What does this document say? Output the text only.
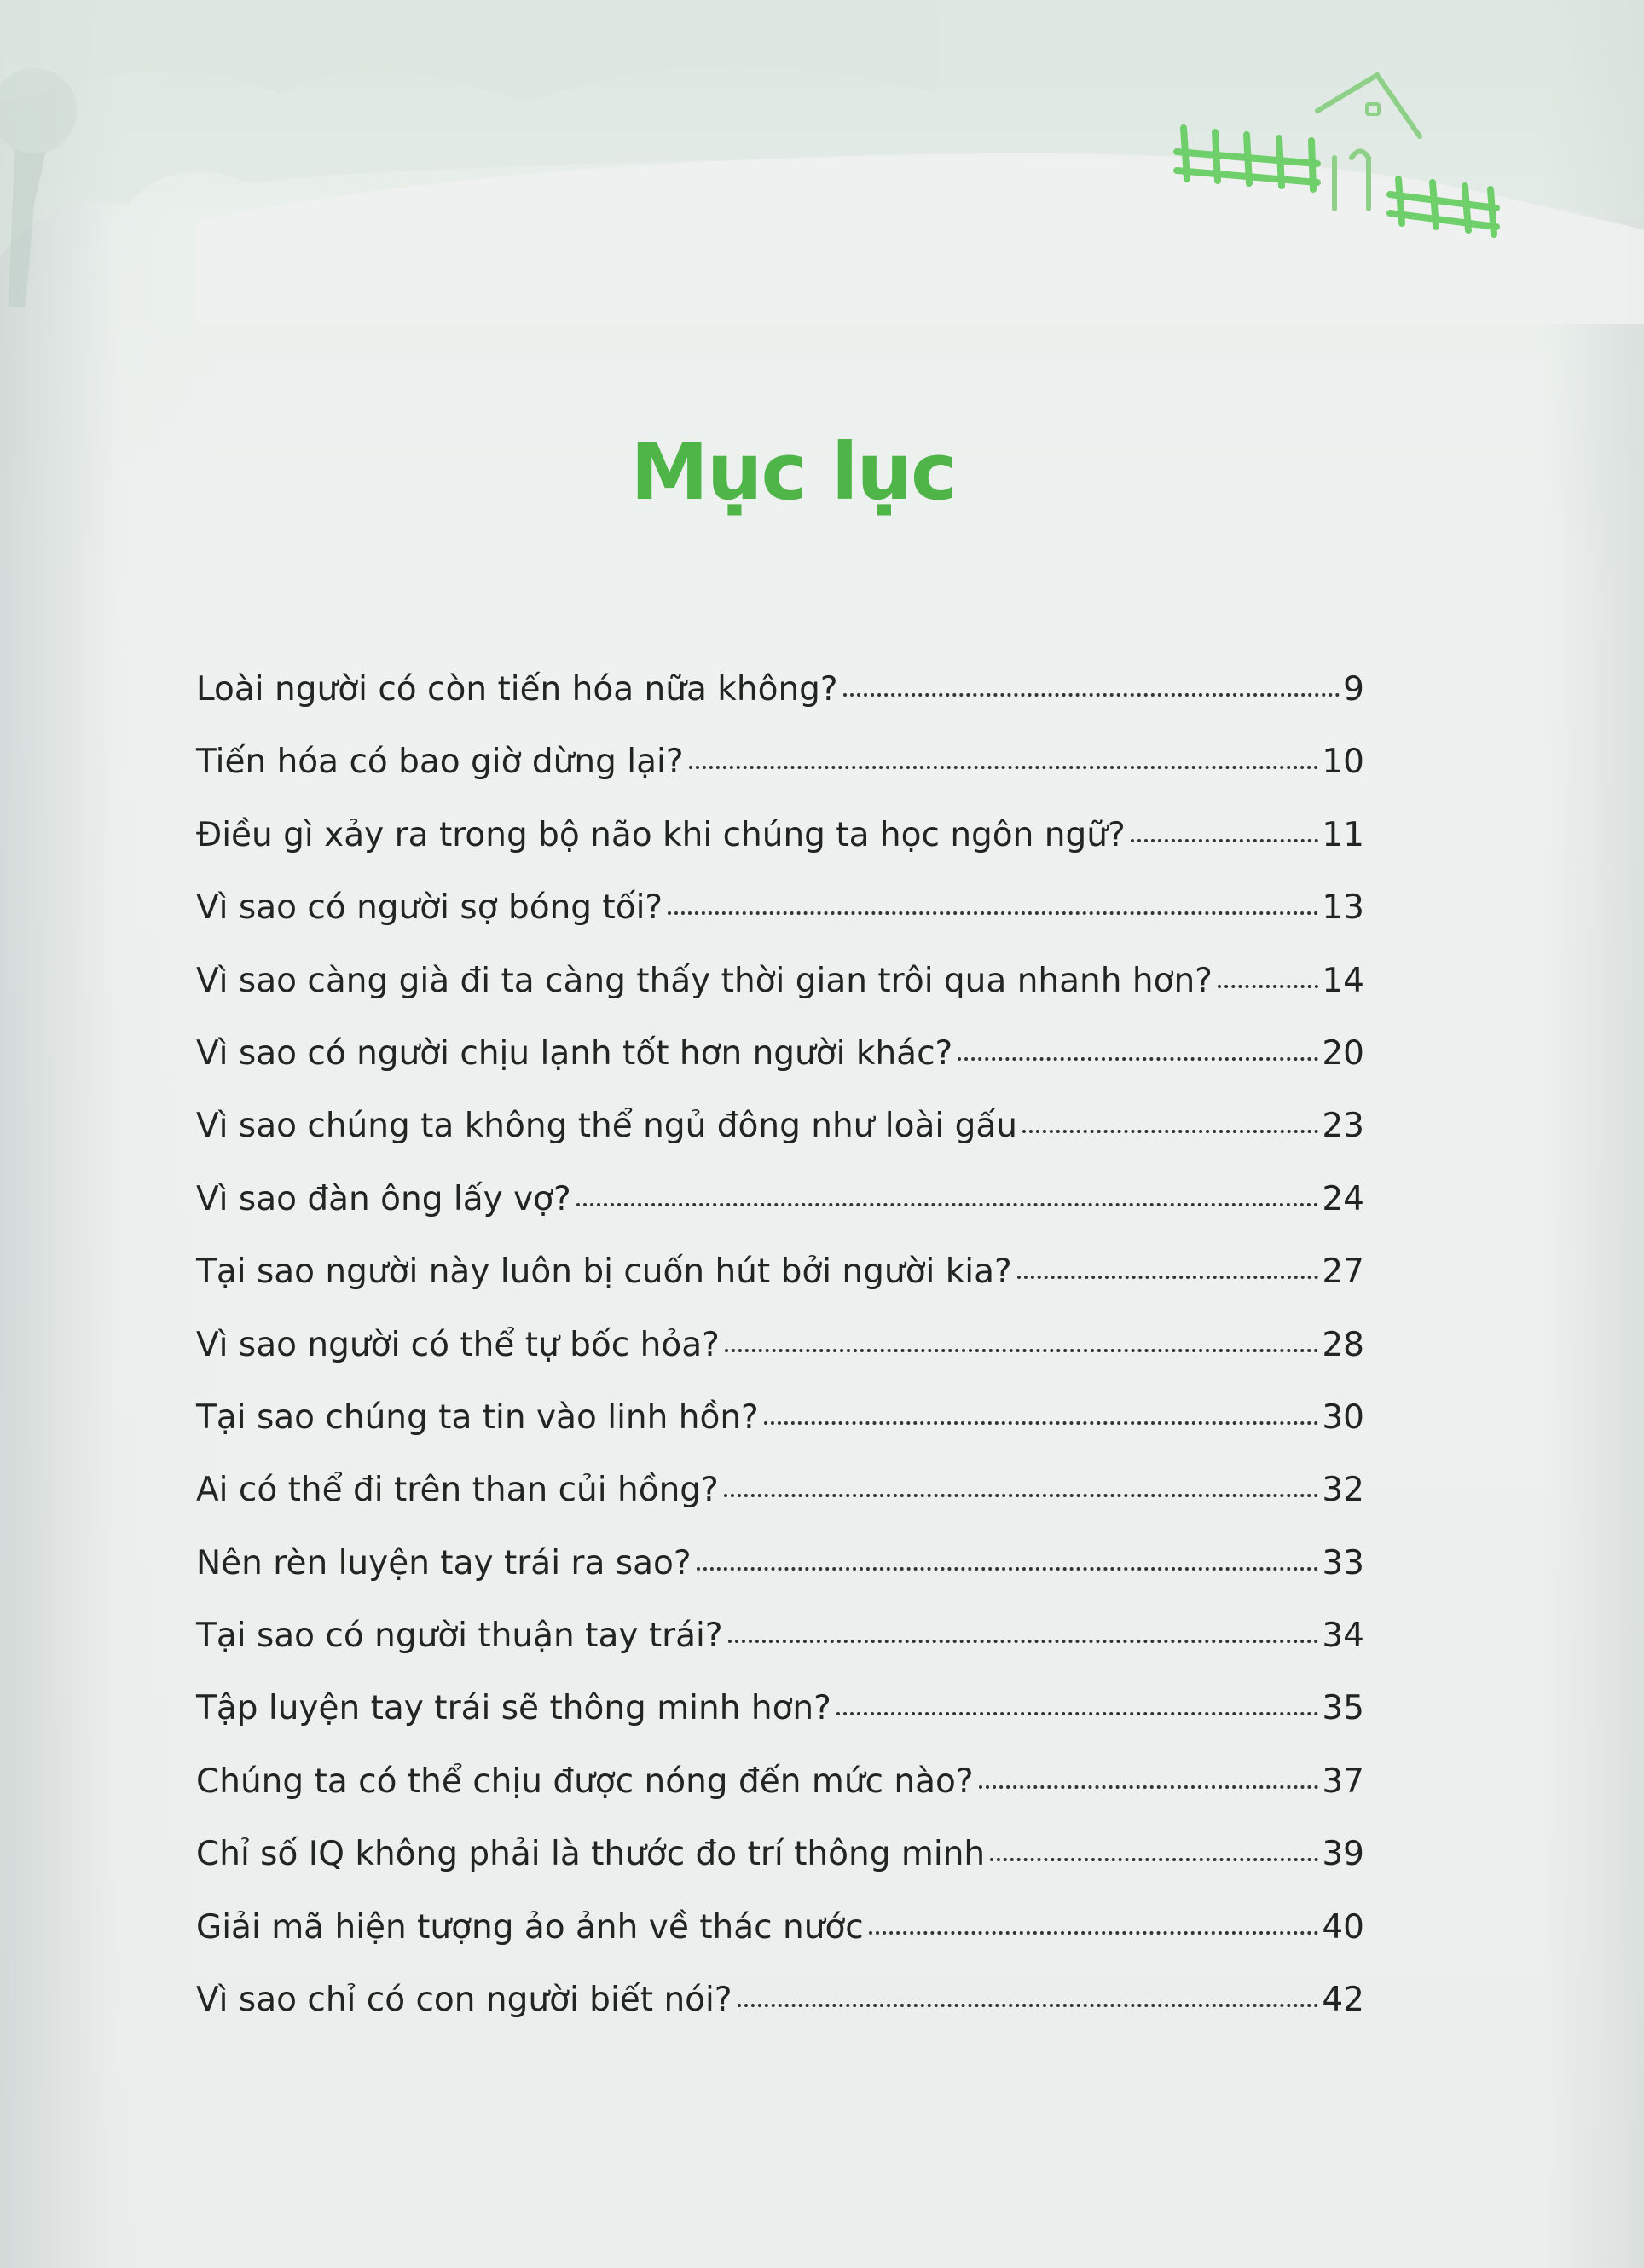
Mục lục
Loài người có còn tiến hóa nữa không?	9
Tiến hóa có bao giờ dừng lại?	10
Điều gì xảy ra trong bộ não khi chúng ta học ngôn ngữ?	11
Vì sao có người sợ bóng tối?	13
Vì sao càng già đi ta càng thấy thời gian trôi qua nhanh hơn?	14
Vì sao có người chịu lạnh tốt hơn người khác?	20
Vì sao chúng ta không thể ngủ đông như loài gấu	23
Vì sao đàn ông lấy vợ?	24
Tại sao người này luôn bị cuốn hút bởi người kia?	27
Vì sao người có thể tự bốc hỏa?	28
Tại sao chúng ta tin vào linh hồn?	30
Ai có thể đi trên than củi hồng?	32
Nên rèn luyện tay trái ra sao?	33
Tại sao có người thuận tay trái?	34
Tập luyện tay trái sẽ thông minh hơn?	35
Chúng ta có thể chịu được nóng đến mức nào?	37
Chỉ số IQ không phải là thước đo trí thông minh	39
Giải mã hiện tượng ảo ảnh về thác nước	40
Vì sao chỉ có con người biết nói?	42
